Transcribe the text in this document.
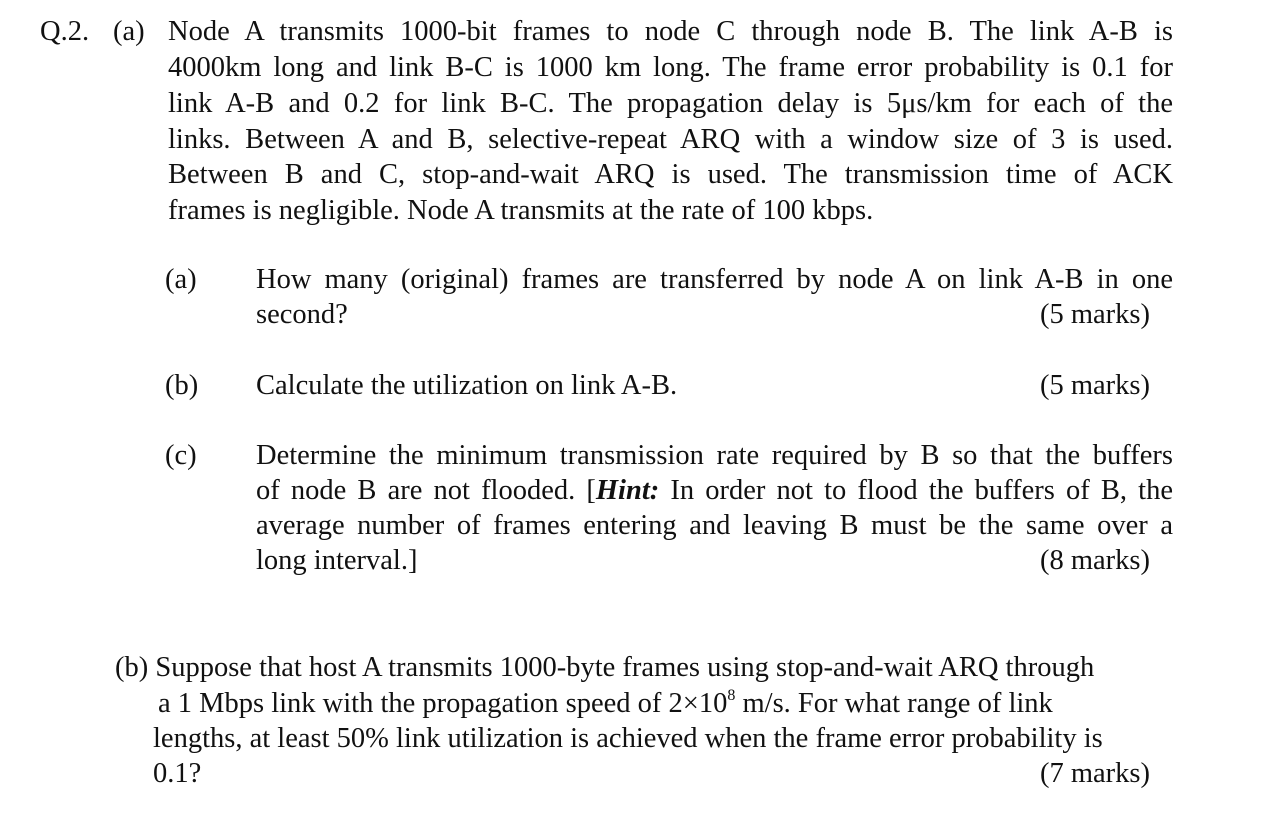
Q.2. (a) Node A transmits 1000-bit frames to node C through node B. The link A-B is
4000km long and link B-C is 1000 km long. The frame error probability is 0.1 for
link A-B and 0.2 for link B-C. The propagation delay is 5μs/km for each of the
links. Between A and B, selective-repeat ARQ with a window size of 3 is used.
Between B and C, stop-and-wait ARQ is used. The transmission time of ACK
frames is negligible. Node A transmits at the rate of 100 kbps.
(a) How many (original) frames are transferred by node A on link A-B in one
second?	(5 marks)
(b) Calculate the utilization on link A-B.	(5 marks)
(c) Determine the minimum transmission rate required by B so that the buffers
of node B are not flooded. [Hint: In order not to flood the buffers of B, the
average number of frames entering and leaving B must be the same over a
long interval.]	(8 marks)
(b) Suppose that host A transmits 1000-byte frames using stop-and-wait ARQ through
a 1 Mbps link with the propagation speed of $2\times 10^8$ m/s. For what range of link
lengths, at least 50% link utilization is achieved when the frame error probability is
0.1?	(7 marks)
